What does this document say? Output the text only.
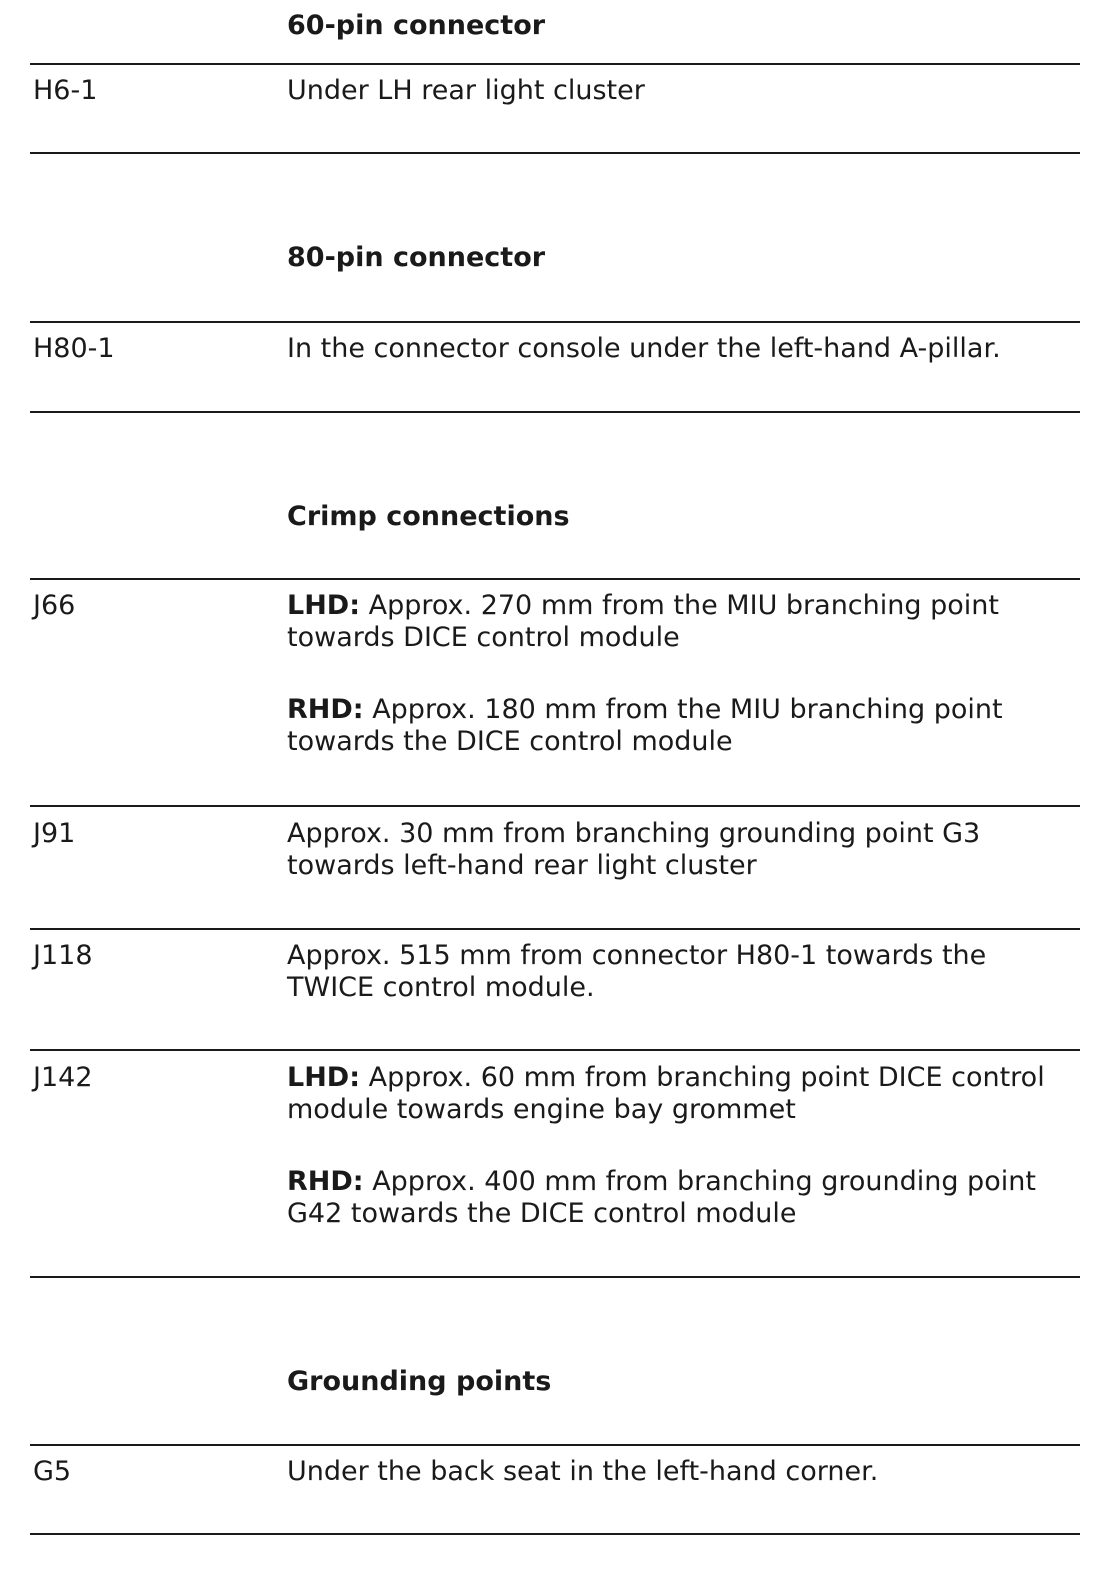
60-pin connector
H6-1	Under LH rear light cluster

80-pin connector
H80-1	In the connector console under the left-hand A-pillar.

Crimp connections
J66	LHD: Approx. 270 mm from the MIU branching point towards DICE control module

RHD: Approx. 180 mm from the MIU branching point towards the DICE control module

J91	Approx. 30 mm from branching grounding point G3 towards left-hand rear light cluster

J118	Approx. 515 mm from connector H80-1 towards the TWICE control module.

J142	LHD: Approx. 60 mm from branching point DICE control module towards engine bay grommet

RHD: Approx. 400 mm from branching grounding point G42 towards the DICE control module

Grounding points
G5	Under the back seat in the left-hand corner.
